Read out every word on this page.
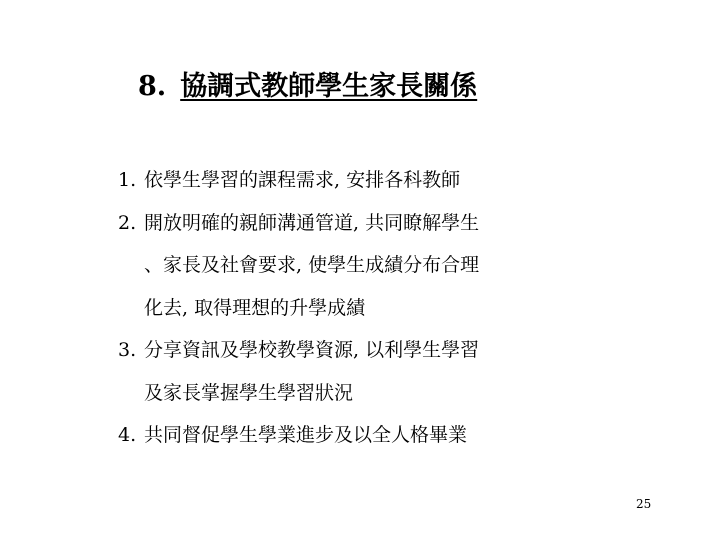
8. 協調式教師學生家長關係
1. 依學生學習的課程需求, 安排各科教師
2. 開放明確的親師溝通管道, 共同瞭解學生
、家長及社會要求, 使學生成績分布合理
化去, 取得理想的升學成績
3. 分享資訊及學校教學資源, 以利學生學習
及家長掌握學生學習狀況
4. 共同督促學生學業進步及以全人格畢業
25
